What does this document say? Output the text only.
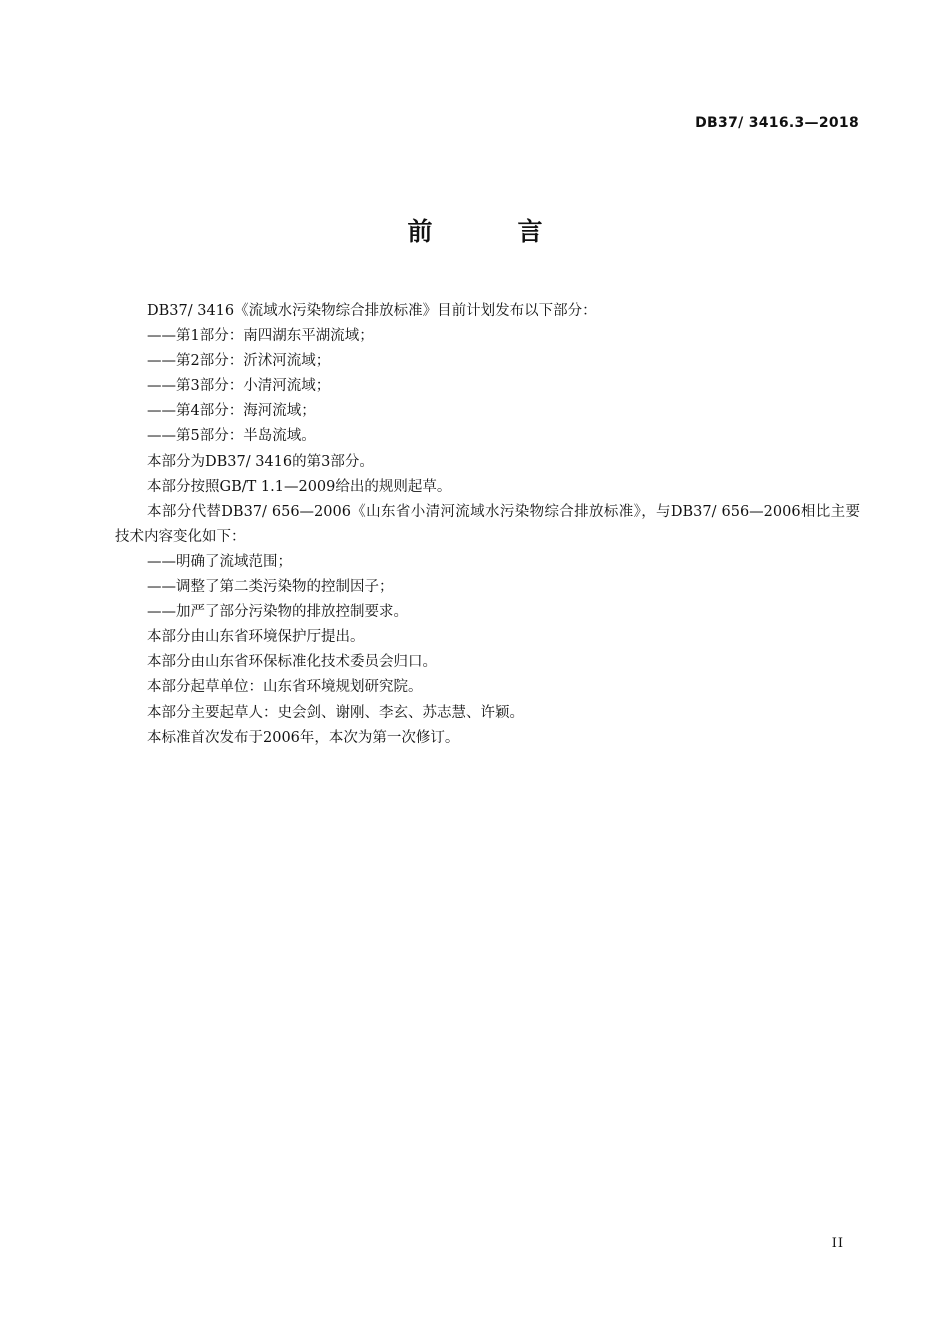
DB37/ 3416.3—2018
前　言

DB37/ 3416《流域水污染物综合排放标准》目前计划发布以下部分：

——第1部分：南四湖东平湖流域；

——第2部分：沂沭河流域；

——第3部分：小清河流域；

——第4部分：海河流域；

——第5部分：半岛流域。

本部分为DB37/ 3416的第3部分。

本部分按照GB/T 1.1—2009给出的规则起草。

本部分代替DB37/ 656—2006《山东省小清河流域水污染物综合排放标准》，与DB37/ 656—2006相比主要技术内容变化如下：

——明确了流域范围；

——调整了第二类污染物的控制因子；

——加严了部分污染物的排放控制要求。

本部分由山东省环境保护厅提出。

本部分由山东省环保标准化技术委员会归口。

本部分起草单位：山东省环境规划研究院。

本部分主要起草人：史会剑、谢刚、李玄、苏志慧、许颖。

本标准首次发布于2006年，本次为第一次修订。

II
